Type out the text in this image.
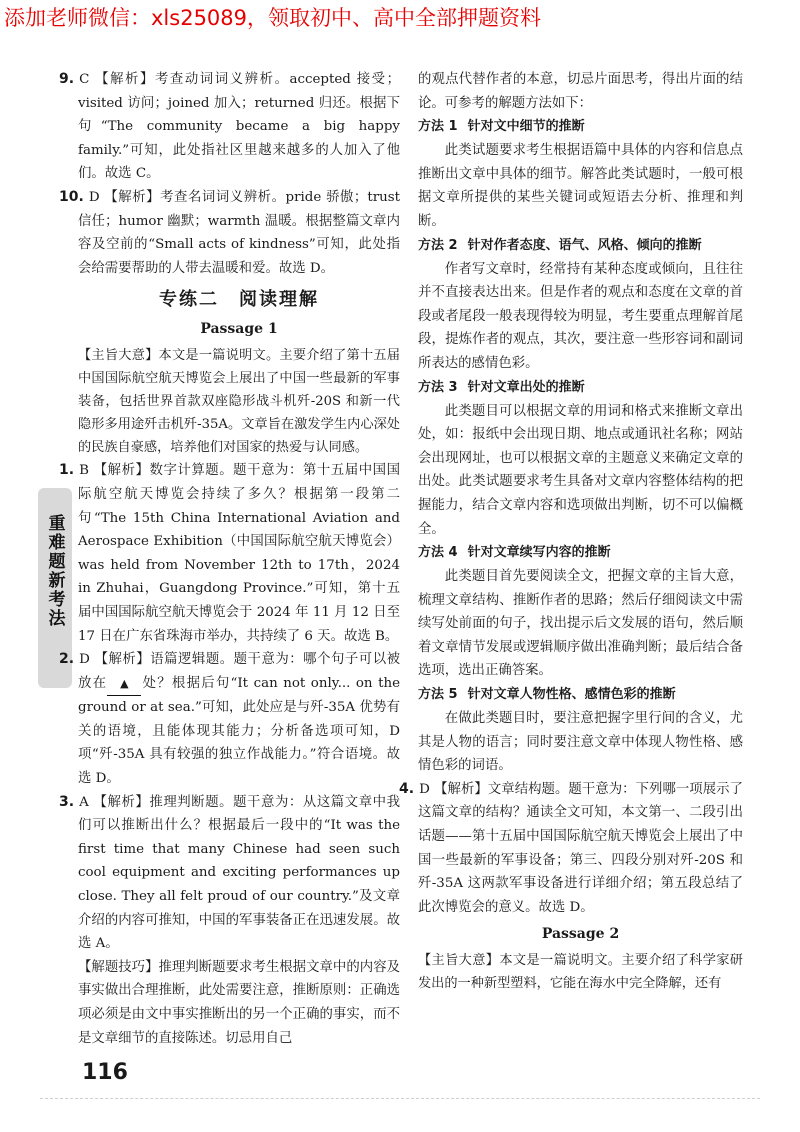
添加老师微信：xls25089，领取初中、高中全部押题资料
重难题新考法

9. C 【解析】考查动词词义辨析。accepted 接受；visited 访问；joined 加入；returned 归还。根据下句“The community became a big happy family.”可知，此处指社区里越来越多的人加入了他们。故选 C。

10. D 【解析】考查名词词义辨析。pride 骄傲；trust 信任；humor 幽默；warmth 温暖。根据整篇文章内容及空前的“Small acts of kindness”可知，此处指会给需要帮助的人带去温暖和爱。故选 D。

专练二　阅读理解
Passage 1

【主旨大意】本文是一篇说明文。主要介绍了第十五届中国国际航空航天博览会上展出了中国一些最新的军事装备，包括世界首款双座隐形战斗机歼-20S 和新一代隐形多用途歼击机歼-35A。文章旨在激发学生内心深处的民族自豪感，培养他们对国家的热爱与认同感。

1. B 【解析】数字计算题。题干意为：第十五届中国国际航空航天博览会持续了多久？根据第一段第二句“The 15th China International Aviation and Aerospace Exhibition（中国国际航空航天博览会）was held from November 12th to 17th，2024 in Zhuhai，Guangdong Province.”可知，第十五届中国国际航空航天博览会于 2024 年 11 月 12 日至 17 日在广东省珠海市举办，共持续了 6 天。故选 B。

2. D 【解析】语篇逻辑题。题干意为：哪个句子可以被放在 ▲ 处？根据后句“It can not only... on the ground or at sea.”可知，此处应是与歼-35A 优势有关的语境，且能体现其能力；分析备选项可知，D 项“歼-35A 具有较强的独立作战能力。”符合语境。故选 D。

3. A 【解析】推理判断题。题干意为：从这篇文章中我们可以推断出什么？根据最后一段中的“It was the first time that many Chinese had seen such cool equipment and exciting performances up close. They all felt proud of our country.”及文章介绍的内容可推知，中国的军事装备正在迅速发展。故选 A。

【解题技巧】推理判断题要求考生根据文章中的内容及事实做出合理推断，此处需要注意，推断原则：正确选项必须是由文中事实推断出的另一个正确的事实，而不是文章细节的直接陈述。切忌用自己

的观点代替作者的本意，切忌片面思考，得出片面的结论。可参考的解题方法如下：

方法 1 针对文中细节的推断

此类试题要求考生根据语篇中具体的内容和信息点推断出文章中具体的细节。解答此类试题时，一般可根据文章所提供的某些关键词或短语去分析、推理和判断。

方法 2 针对作者态度、语气、风格、倾向的推断

作者写文章时，经常持有某种态度或倾向，且往往并不直接表达出来。但是作者的观点和态度在文章的首段或者尾段一般表现得较为明显，考生要重点理解首尾段，提炼作者的观点，其次，要注意一些形容词和副词所表达的感情色彩。

方法 3 针对文章出处的推断

此类题目可以根据文章的用词和格式来推断文章出处，如：报纸中会出现日期、地点或通讯社名称；网站会出现网址，也可以根据文章的主题意义来确定文章的出处。此类试题要求考生具备对文章内容整体结构的把握能力，结合文章内容和选项做出判断，切不可以偏概全。

方法 4 针对文章续写内容的推断

此类题目首先要阅读全文，把握文章的主旨大意，梳理文章结构、推断作者的思路；然后仔细阅读文中需续写处前面的句子，找出提示后文发展的语句，然后顺着文章情节发展或逻辑顺序做出准确判断；最后结合备选项，选出正确答案。

方法 5 针对文章人物性格、感情色彩的推断

在做此类题目时，要注意把握字里行间的含义，尤其是人物的语言；同时要注意文章中体现人物性格、感情色彩的词语。

4. D 【解析】文章结构题。题干意为：下列哪一项展示了这篇文章的结构？通读全文可知，本文第一、二段引出话题——第十五届中国国际航空航天博览会上展出了中国一些最新的军事设备；第三、四段分别对歼-20S 和歼-35A 这两款军事设备进行详细介绍；第五段总结了此次博览会的意义。故选 D。

Passage 2

【主旨大意】本文是一篇说明文。主要介绍了科学家研发出的一种新型塑料，它能在海水中完全降解，还有

116
